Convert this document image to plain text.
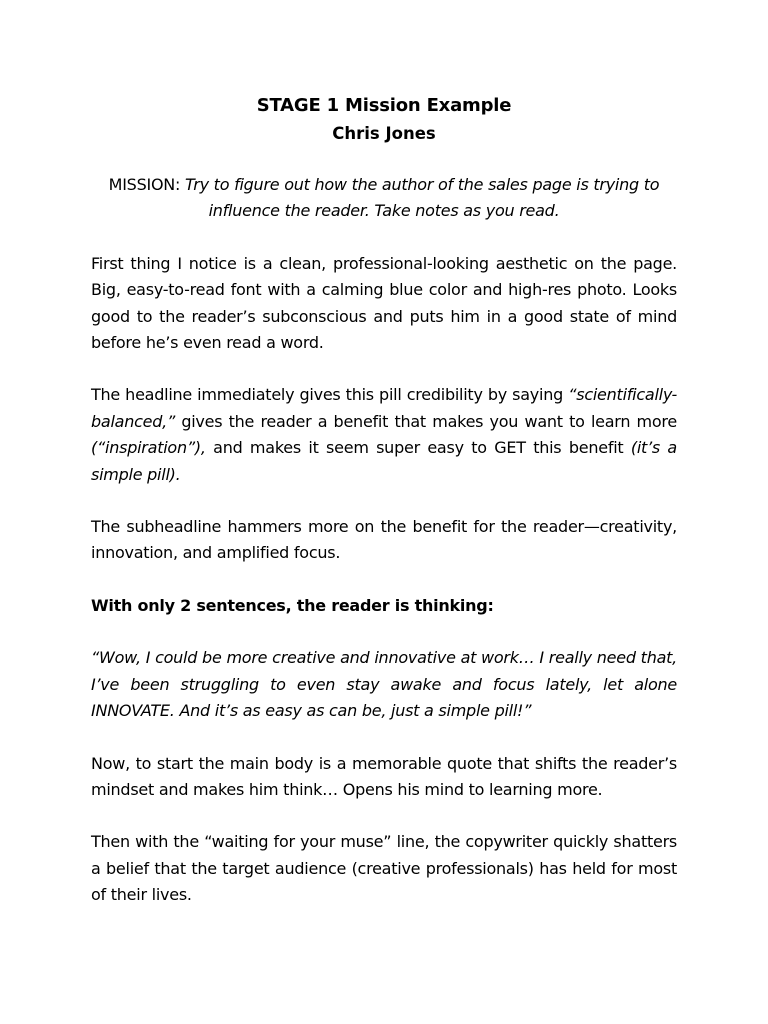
STAGE 1 Mission Example
Chris Jones

MISSION: Try to figure out how the author of the sales page is trying to influence the reader. Take notes as you read.

First thing I notice is a clean, professional-looking aesthetic on the page. Big, easy-to-read font with a calming blue color and high-res photo. Looks good to the reader’s subconscious and puts him in a good state of mind before he’s even read a word.

The headline immediately gives this pill credibility by saying “scientifically-balanced,” gives the reader a benefit that makes you want to learn more (“inspiration”), and makes it seem super easy to GET this benefit (it’s a simple pill).

The subheadline hammers more on the benefit for the reader—creativity, innovation, and amplified focus.

With only 2 sentences, the reader is thinking:

“Wow, I could be more creative and innovative at work… I really need that, I’ve been struggling to even stay awake and focus lately, let alone INNOVATE. And it’s as easy as can be, just a simple pill!”

Now, to start the main body is a memorable quote that shifts the reader’s mindset and makes him think… Opens his mind to learning more.

Then with the “waiting for your muse” line, the copywriter quickly shatters a belief that the target audience (creative professionals) has held for most of their lives.
